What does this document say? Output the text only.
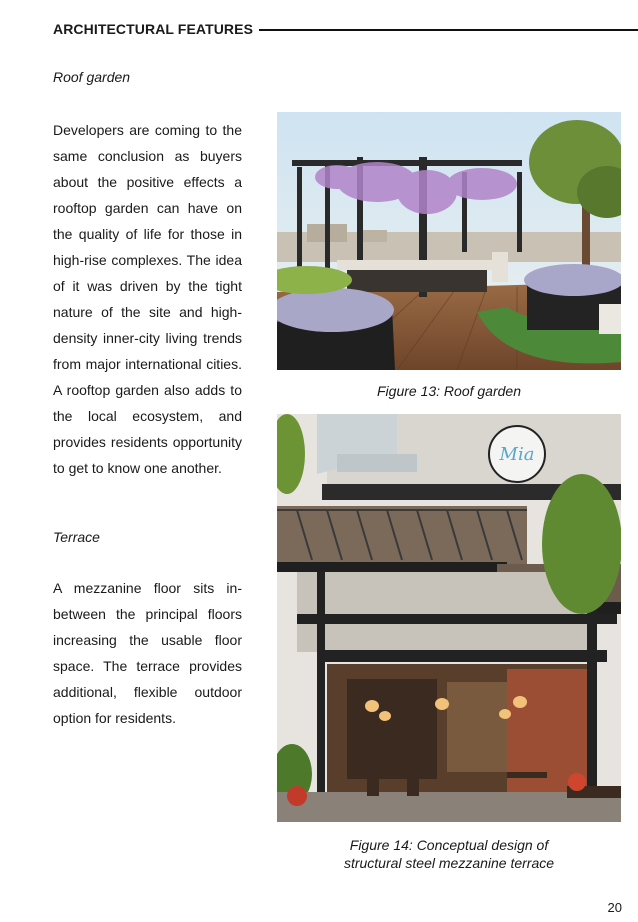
ARCHITECTURAL FEATURES
Roof garden

Developers are coming to the same conclusion as buyers about the positive effects a rooftop garden can have on the quality of life for those in high-rise complexes. The idea of it was driven by the tight nature of the site and high-density inner-city living trends from major international cities. A rooftop garden also adds to the local ecosystem, and provides residents opportunity to get to know one another.

Terrace

A mezzanine floor sits in-between the principal floors increasing the usable floor space. The terrace provides additional, flexible outdoor option for residents.

Figure 13: Roof garden
Mia
Figure 14: Conceptual design of
structural steel mezzanine terrace
20
